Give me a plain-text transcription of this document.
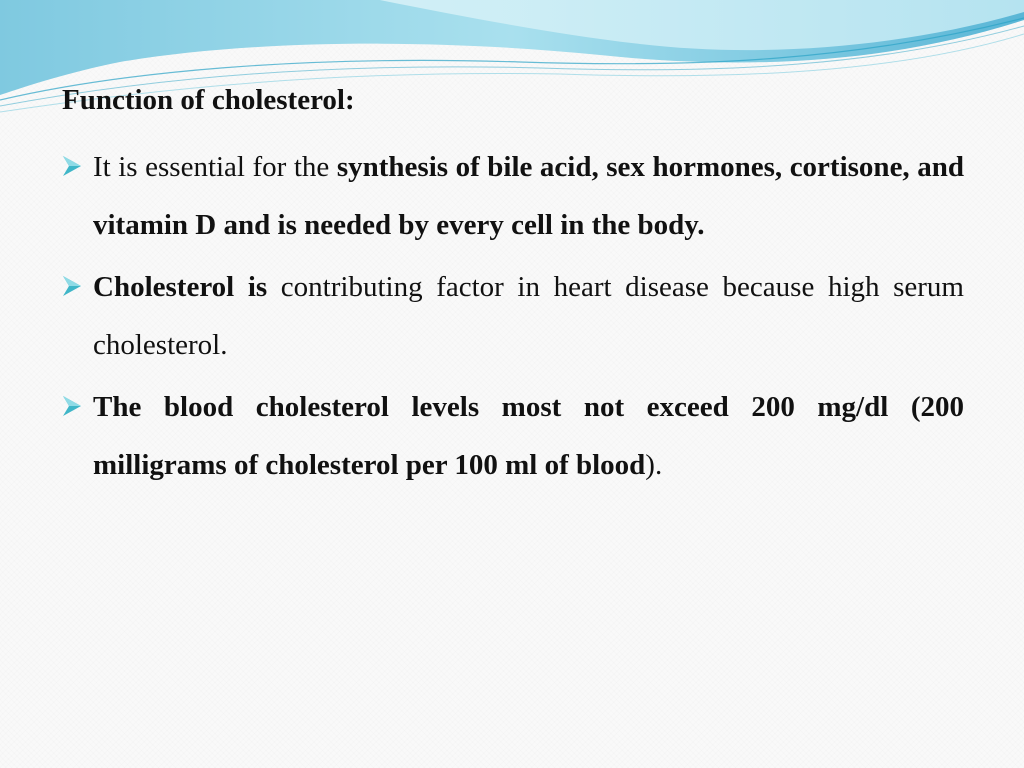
Function of cholesterol:
It is essential for the synthesis of bile acid, sex hormones, cortisone, and vitamin D and is needed by every cell in the body.
Cholesterol is contributing factor in heart disease because high serum cholesterol.
The blood cholesterol levels most not exceed 200 mg/dl (200 milligrams of cholesterol per 100 ml of blood).
